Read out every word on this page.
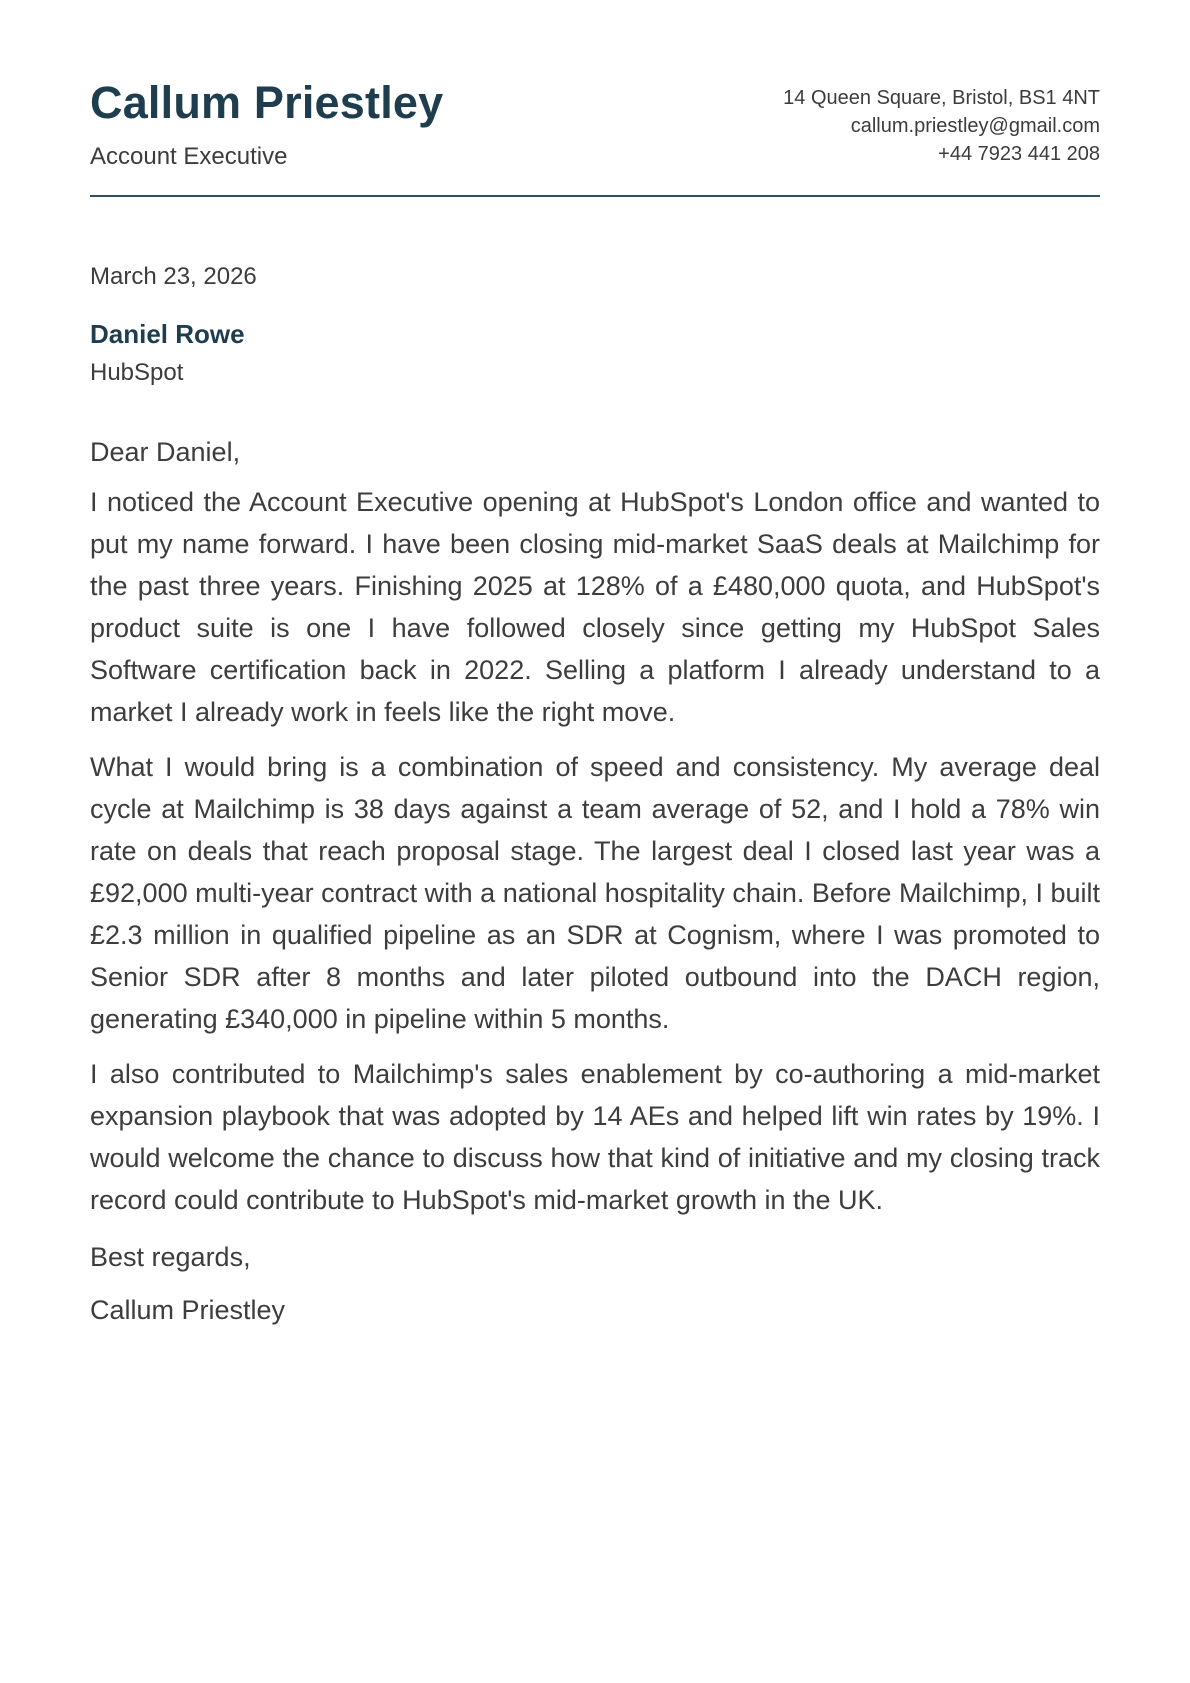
Callum Priestley
Account Executive
14 Queen Square, Bristol, BS1 4NT
callum.priestley@gmail.com
+44 7923 441 208
March 23, 2026
Daniel Rowe
HubSpot
Dear Daniel,

I noticed the Account Executive opening at HubSpot's London office and wanted to put my name forward. I have been closing mid-market SaaS deals at Mailchimp for the past three years. Finishing 2025 at 128% of a £480,000 quota, and HubSpot's product suite is one I have followed closely since getting my HubSpot Sales Software certification back in 2022. Selling a platform I already understand to a market I already work in feels like the right move.

What I would bring is a combination of speed and consistency. My average deal cycle at Mailchimp is 38 days against a team average of 52, and I hold a 78% win rate on deals that reach proposal stage. The largest deal I closed last year was a £92,000 multi-year contract with a national hospitality chain. Before Mailchimp, I built £2.3 million in qualified pipeline as an SDR at Cognism, where I was promoted to Senior SDR after 8 months and later piloted outbound into the DACH region, generating £340,000 in pipeline within 5 months.

I also contributed to Mailchimp's sales enablement by co-authoring a mid-market expansion playbook that was adopted by 14 AEs and helped lift win rates by 19%. I would welcome the chance to discuss how that kind of initiative and my closing track record could contribute to HubSpot's mid-market growth in the UK.

Best regards,
Callum Priestley
